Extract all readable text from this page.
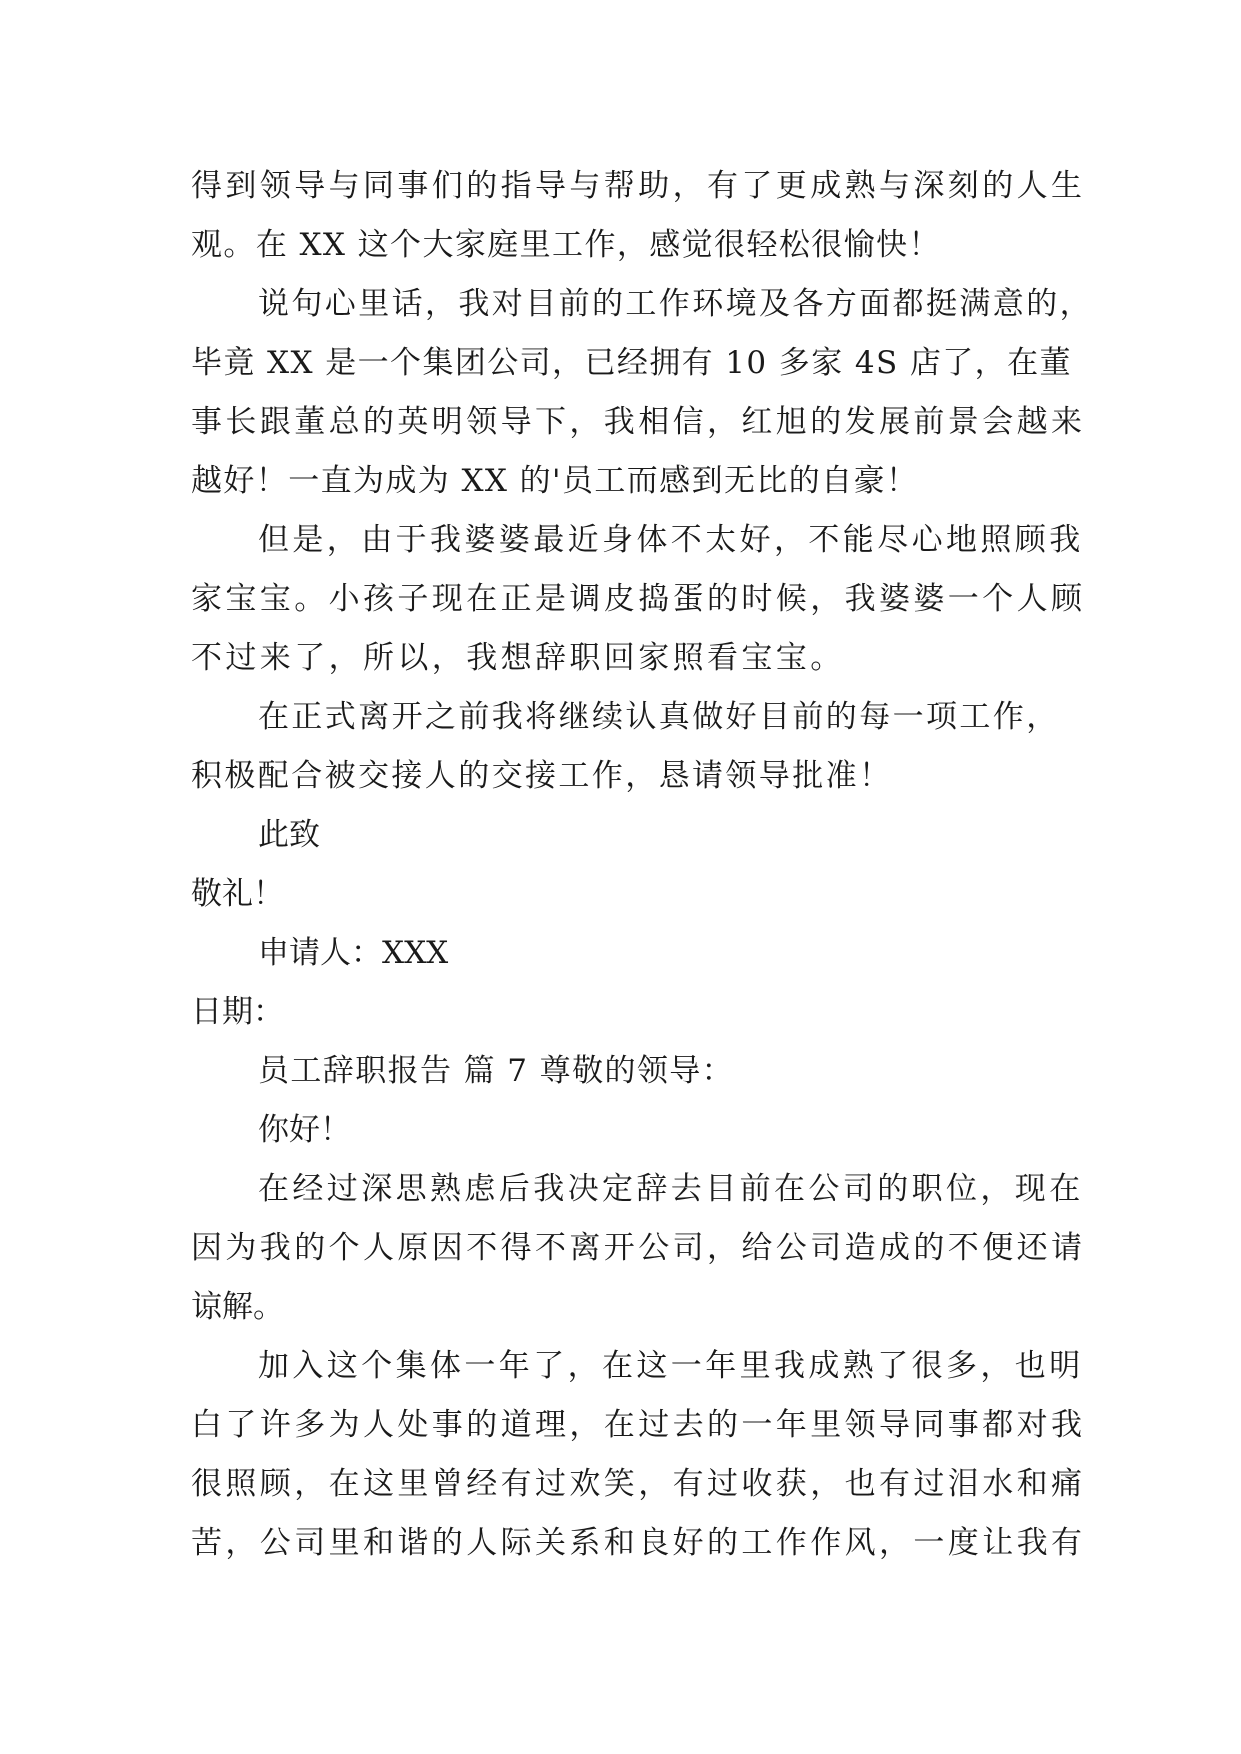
得到领导与同事们的指导与帮助，有了更成熟与深刻的人生
观。在 XX 这个大家庭里工作，感觉很轻松很愉快！
说句心里话，我对目前的工作环境及各方面都挺满意的，
毕竟 XX 是一个集团公司，已经拥有 10 多家 4S 店了，在董
事长跟董总的英明领导下，我相信，红旭的发展前景会越来
越好！一直为成为 XX 的'员工而感到无比的自豪！
但是，由于我婆婆最近身体不太好，不能尽心地照顾我
家宝宝。小孩子现在正是调皮捣蛋的时候，我婆婆一个人顾
不过来了，所以，我想辞职回家照看宝宝。
在正式离开之前我将继续认真做好目前的每一项工作，
积极配合被交接人的交接工作，恳请领导批准！
此致
敬礼！
申请人：XXX
日期：
员工辞职报告 篇 7 尊敬的领导：
你好！
在经过深思熟虑后我决定辞去目前在公司的职位，现在
因为我的个人原因不得不离开公司，给公司造成的不便还请
谅解。
加入这个集体一年了，在这一年里我成熟了很多，也明
白了许多为人处事的道理，在过去的一年里领导同事都对我
很照顾，在这里曾经有过欢笑，有过收获，也有过泪水和痛
苦，公司里和谐的人际关系和良好的工作作风，一度让我有
